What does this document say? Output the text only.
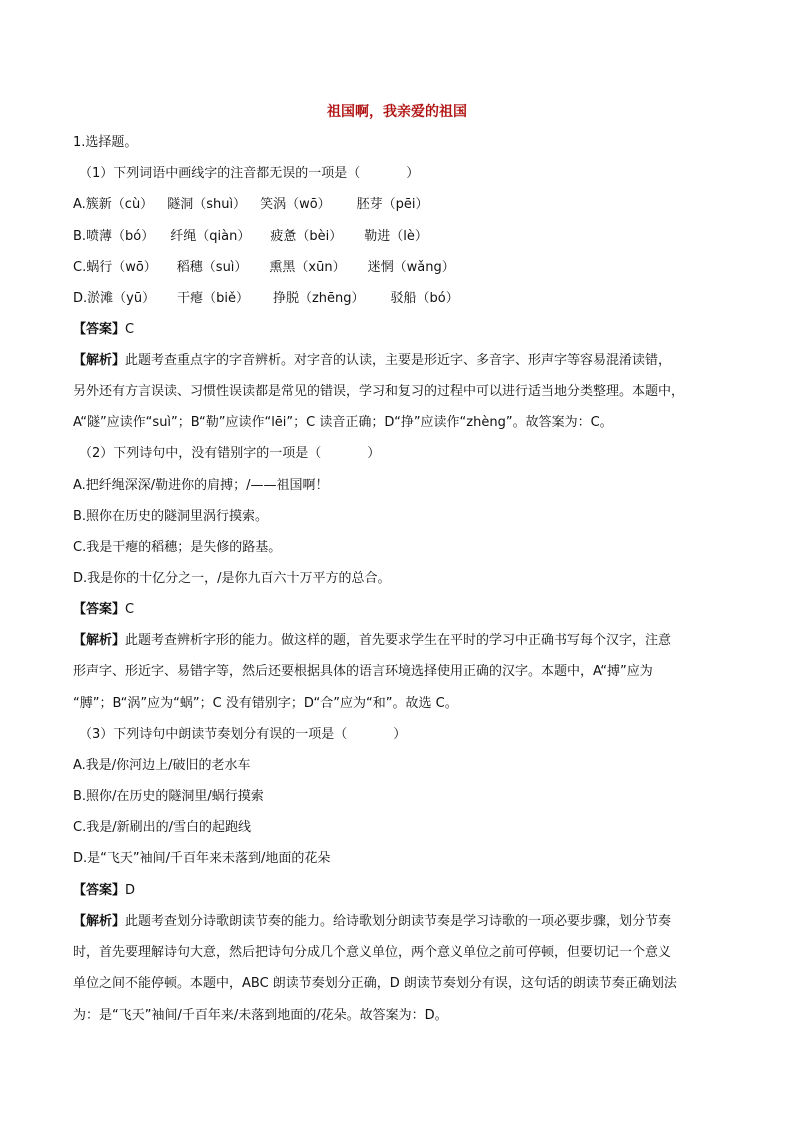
祖国啊，我亲爱的祖国
1.选择题。
（1）下列词语中画线字的注音都无误的一项是（	）
A.簇新（cù） 隧洞（shuì） 笑涡（wō） 胚芽（pēi）
B.喷薄（bó） 纤绳（qiàn） 疲惫（bèi） 勒进（lè）
C.蜗行（wō） 稻穗（suì） 熏黑（xūn） 迷惘（wǎng）
D.淤滩（yū） 干瘪（biě） 挣脱（zhēng） 驳船（bó）
【答案】C
【解析】此题考查重点字的字音辨析。对字音的认读，主要是形近字、多音字、形声字等容易混淆读错，
另外还有方言误读、习惯性误读都是常见的错误，学习和复习的过程中可以进行适当地分类整理。本题中，
A“隧”应读作“suì”；B“勒”应读作“lēi”；C 读音正确；D“挣”应读作“zhèng”。故答案为：C。
（2）下列诗句中，没有错别字的一项是（	）
A.把纤绳深深/勒进你的肩搏；/——祖国啊！
B.照你在历史的隧洞里涡行摸索。
C.我是干瘪的稻穗；是失修的路基。
D.我是你的十亿分之一，/是你九百六十万平方的总合。
【答案】C
【解析】此题考查辨析字形的能力。做这样的题，首先要求学生在平时的学习中正确书写每个汉字，注意
形声字、形近字、易错字等，然后还要根据具体的语言环境选择使用正确的汉字。本题中，A“搏”应为
“膊”；B“涡”应为“蜗”；C 没有错别字；D“合”应为“和”。故选 C。
（3）下列诗句中朗读节奏划分有误的一项是（	）
A.我是/你河边上/破旧的老水车
B.照你/在历史的隧洞里/蜗行摸索
C.我是/新刷出的/雪白的起跑线
D.是“飞天”袖间/千百年来未落到/地面的花朵
【答案】D
【解析】此题考查划分诗歌朗读节奏的能力。给诗歌划分朗读节奏是学习诗歌的一项必要步骤，划分节奏
时，首先要理解诗句大意，然后把诗句分成几个意义单位，两个意义单位之前可停顿，但要切记一个意义
单位之间不能停顿。本题中，ABC 朗读节奏划分正确，D 朗读节奏划分有误，这句话的朗读节奏正确划法
为：是“飞天”袖间/千百年来/未落到地面的/花朵。故答案为：D。
